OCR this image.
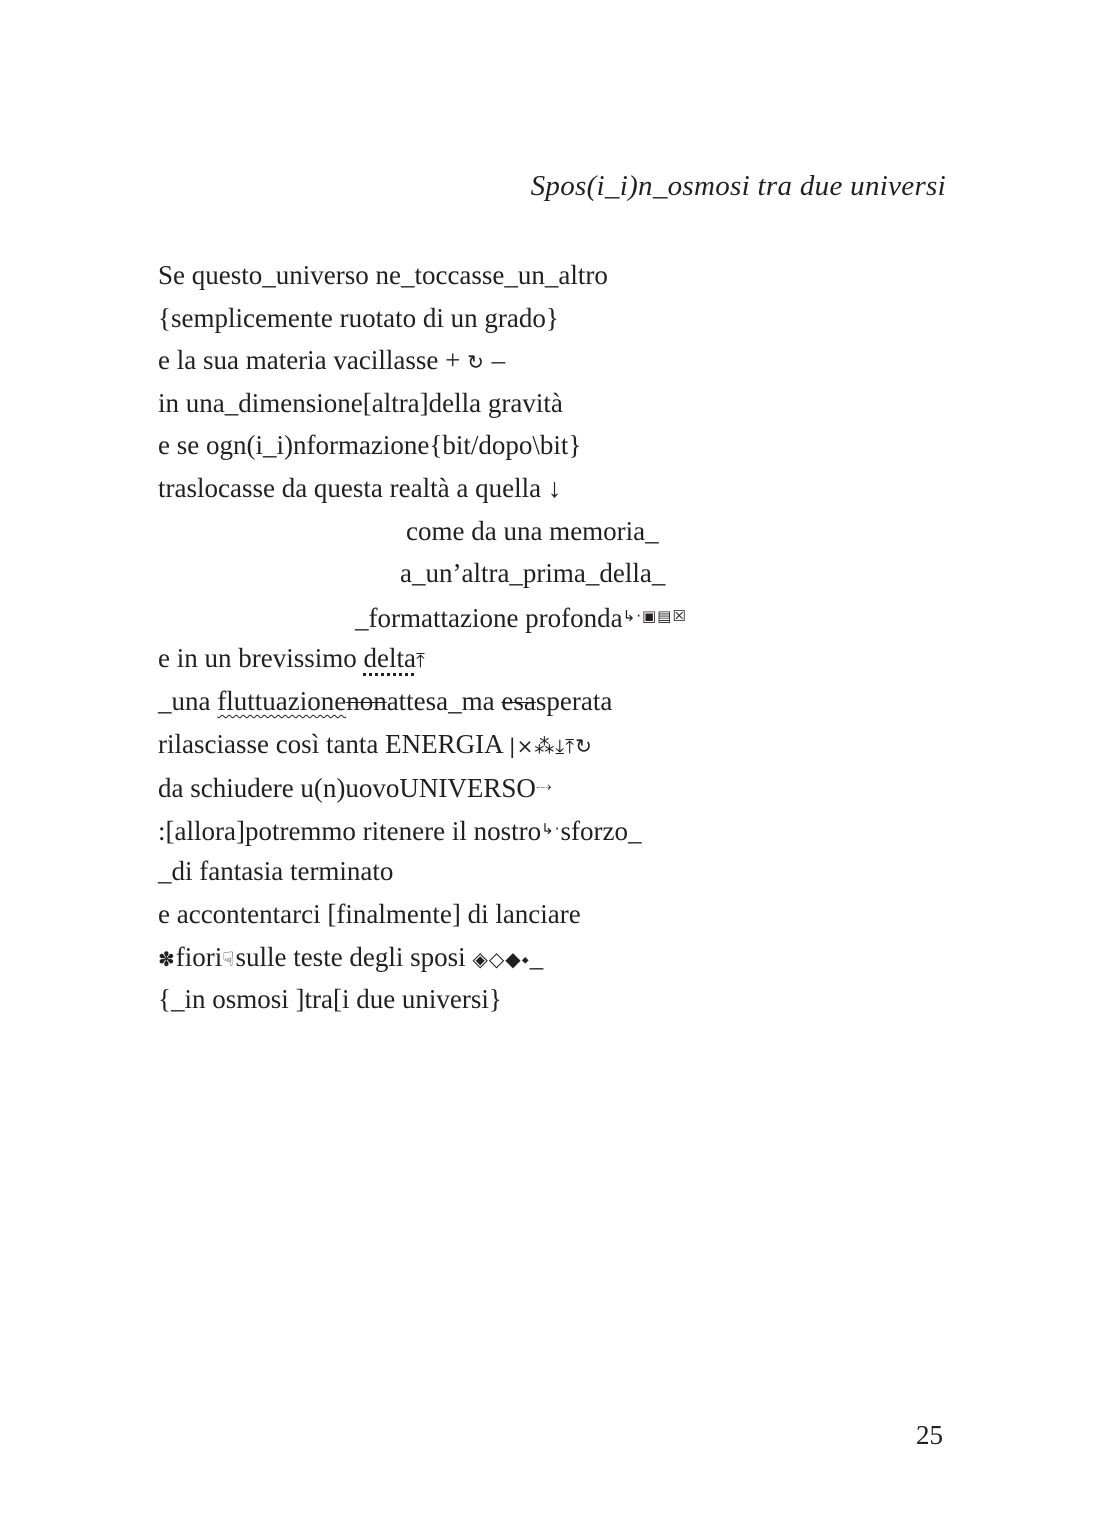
Spos(i_i)n_osmosi tra due universi
Se questo_universo ne_toccasse_un_altro
{semplicemente ruotato di un grado}
e la sua materia vacillasse + ↻ –
in una_dimensione[altra]della gravità
e se ogn(i_i)nformazione{bit/dopo\bit}
traslocasse da questa realtà a quella ↓
come da una memoria_
a_un’altra_prima_della_
_formattazione profonda↳·▣▤☒
e in un brevissimo delta⤒
_una fluttuazionenonattesa_ma esasperata
rilasciasse così tanta ENERGIA |⨯⁂⤓⤒↻
da schiudere u(n)uovoUNIVERSO⤏
:[allora]potremmo ritenere il nostro↳·sforzo_
_di fantasia terminato
e accontentarci [finalmente] di lanciare
✽fiori☟sulle teste degli sposi ◈◇◆⬩_
{_in osmosi ]tra[i due universi}
25
